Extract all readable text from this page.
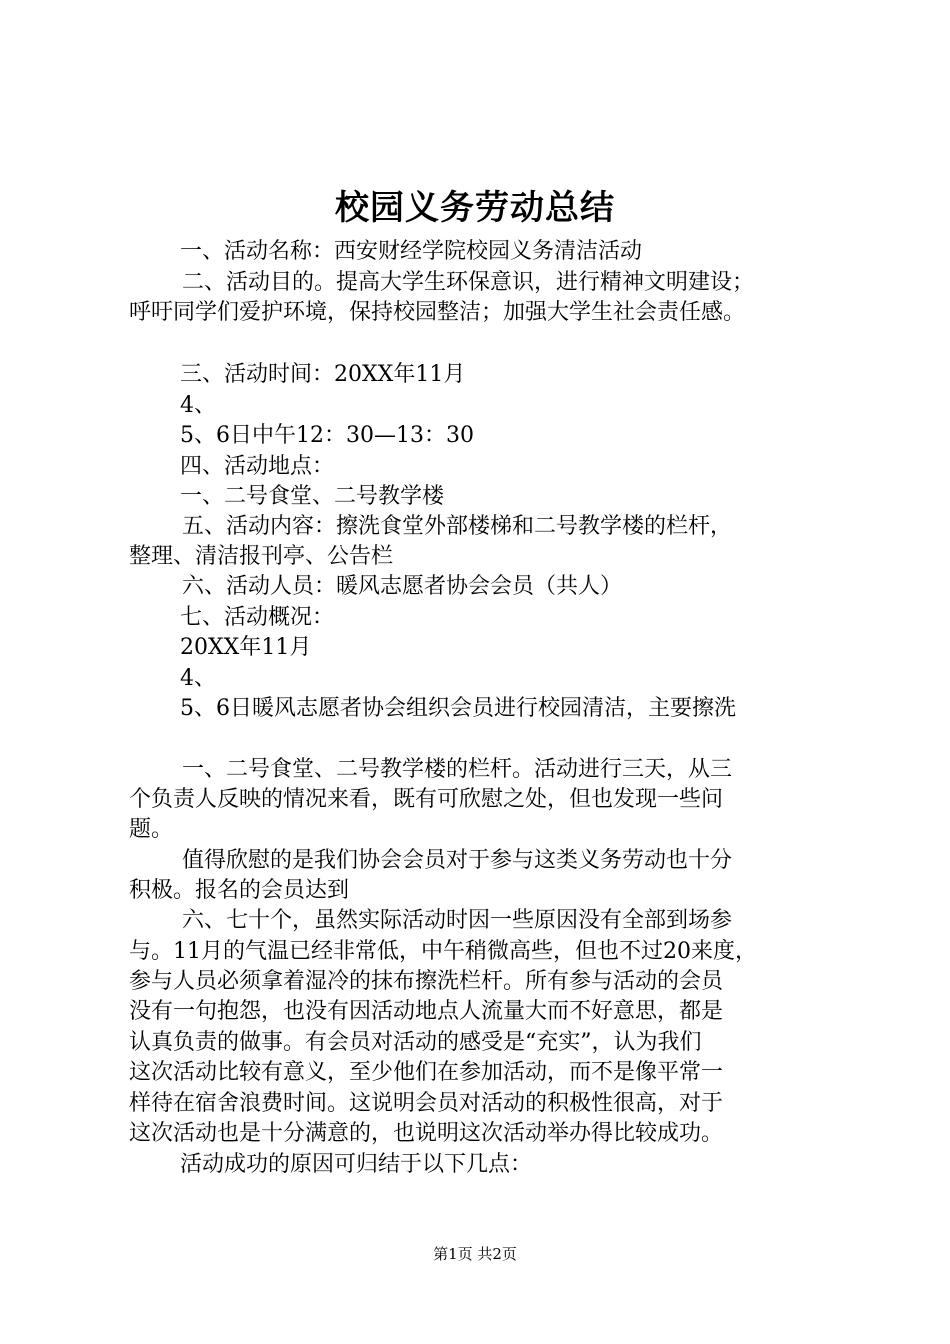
校园义务劳动总结
一、活动名称：西安财经学院校园义务清洁活动
二、活动目的。提高大学生环保意识，进行精神文明建设；
呼吁同学们爱护环境，保持校园整洁；加强大学生社会责任感。
三、活动时间：20XX年11月
4、
5、6日中午12：30—13：30
四、活动地点：
一、二号食堂、二号教学楼
五、活动内容：擦洗食堂外部楼梯和二号教学楼的栏杆，
整理、清洁报刊亭、公告栏
六、活动人员：暖风志愿者协会会员（共人）
七、活动概况：
20XX年11月
4、
5、6日暖风志愿者协会组织会员进行校园清洁，主要擦洗
一、二号食堂、二号教学楼的栏杆。活动进行三天，从三
个负责人反映的情况来看，既有可欣慰之处，但也发现一些问
题。
值得欣慰的是我们协会会员对于参与这类义务劳动也十分
积极。报名的会员达到
六、七十个，虽然实际活动时因一些原因没有全部到场参
与。11月的气温已经非常低，中午稍微高些，但也不过20来度，
参与人员必须拿着湿冷的抹布擦洗栏杆。所有参与活动的会员
没有一句抱怨，也没有因活动地点人流量大而不好意思，都是
认真负责的做事。有会员对活动的感受是“充实”，认为我们
这次活动比较有意义，至少他们在参加活动，而不是像平常一
样待在宿舍浪费时间。这说明会员对活动的积极性很高，对于
这次活动也是十分满意的，也说明这次活动举办得比较成功。
活动成功的原因可归结于以下几点：
第1页 共2页
